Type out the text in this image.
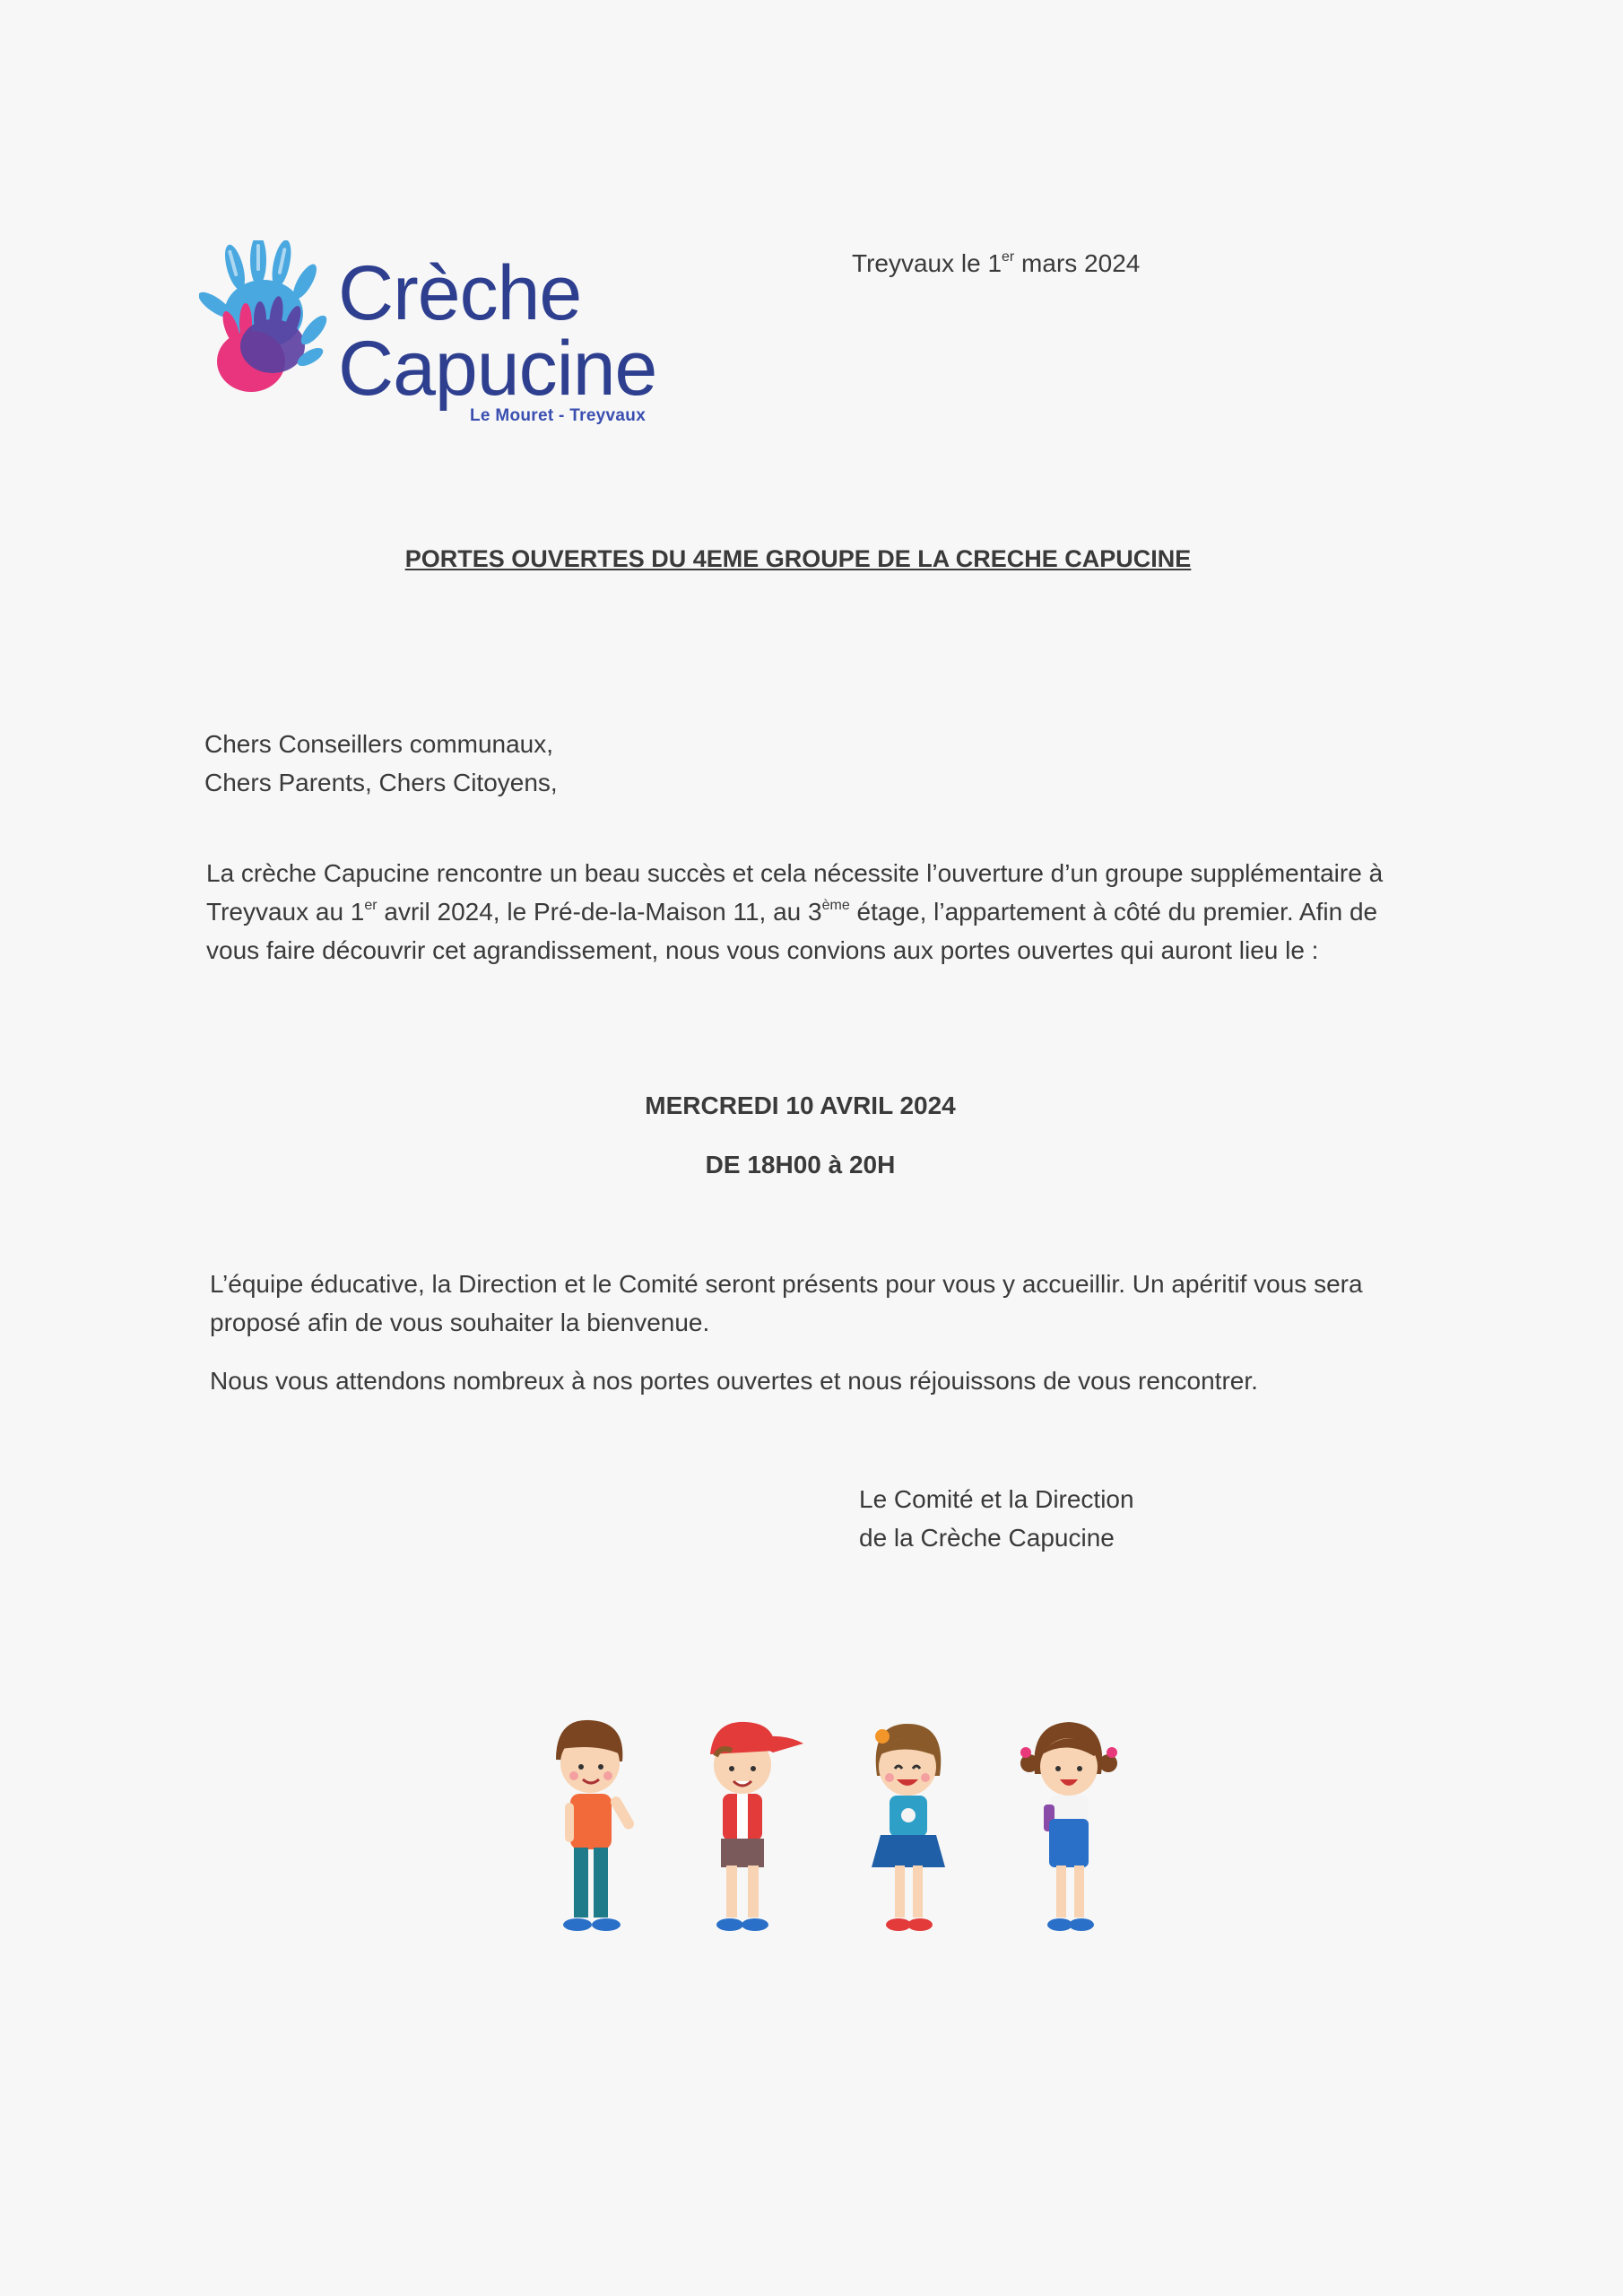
Crèche
Capucine
Le Mouret - Treyvaux
Treyvaux le 1er mars 2024
PORTES OUVERTES DU 4EME GROUPE DE LA CRECHE CAPUCINE
Chers Conseillers communaux,
Chers Parents, Chers Citoyens,
La crèche Capucine rencontre un beau succès et cela nécessite l’ouverture d’un groupe supplémentaire à Treyvaux au 1er avril 2024, le Pré-de-la-Maison 11, au 3ème étage, l’appartement à côté du premier. Afin de vous faire découvrir cet agrandissement, nous vous convions aux portes ouvertes qui auront lieu le :
MERCREDI 10 AVRIL 2024
DE 18H00 à 20H
L’équipe éducative, la Direction et le Comité seront présents pour vous y accueillir. Un apéritif vous sera proposé afin de vous souhaiter la bienvenue.
Nous vous attendons nombreux à nos portes ouvertes et nous réjouissons de vous rencontrer.
Le Comité et la Direction
de la Crèche Capucine
